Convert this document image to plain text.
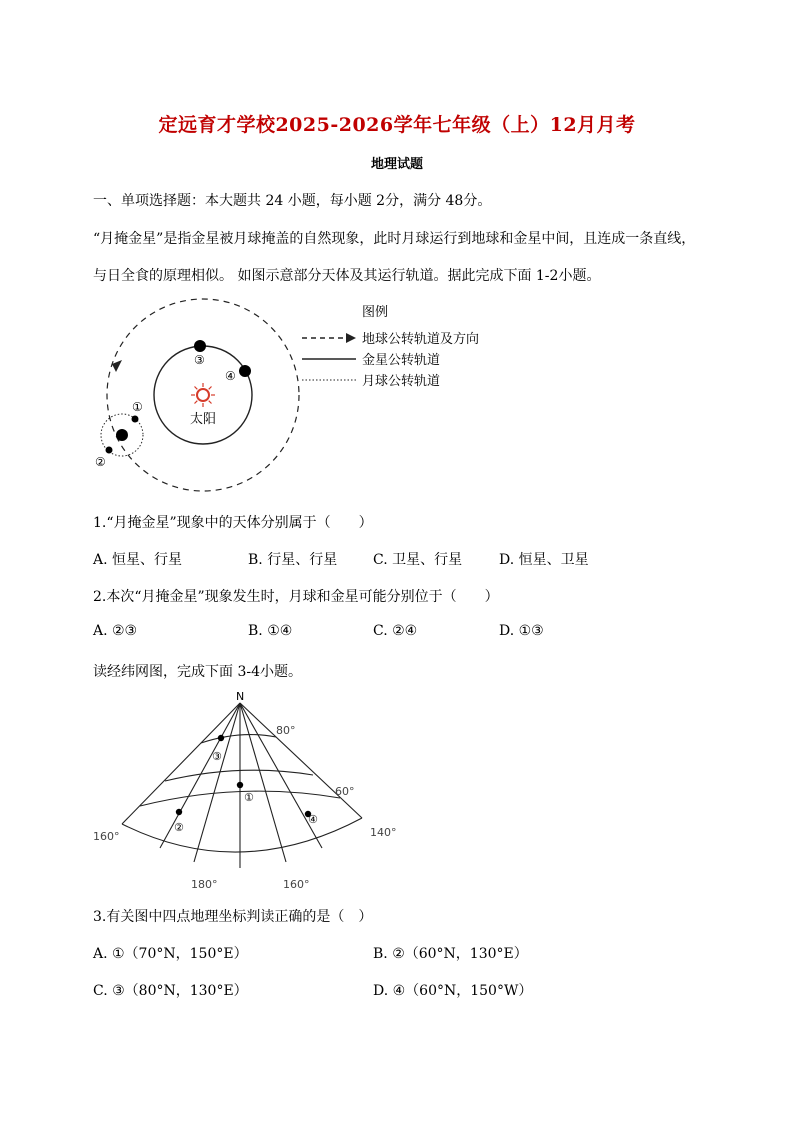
定远育才学校2025-2026学年七年级（上）12月月考
地理试题
一、单项选择题：本大题共 24 小题，每小题 2分，满分 48分。
“月掩金星”是指金星被月球掩盖的自然现象，此时月球运行到地球和金星中间，且连成一条直线，
与日全食的原理相似。 如图示意部分天体及其运行轨道。据此完成下面 1-2小题。
太阳
③
④
①
②
图例
地球公转轨道及方向
金星公转轨道
月球公转轨道
1.“月掩金星”现象中的天体分别属于（　　）
A. 恒星、行星	B. 行星、行星	C. 卫星、行星	D. 恒星、卫星
2.本次“月掩金星”现象发生时，月球和金星可能分别位于（　　）
A. ②③	B. ①④	C. ②④	D. ①③
读经纬网图，完成下面 3-4小题。
N
80°
60°
160°	140°
180°	160°
③
①
②
④
3.有关图中四点地理坐标判读正确的是（　）
A. ①（70°N，150°E）	B. ②（60°N，130°E）
C. ③（80°N，130°E）	D. ④（60°N，150°W）
